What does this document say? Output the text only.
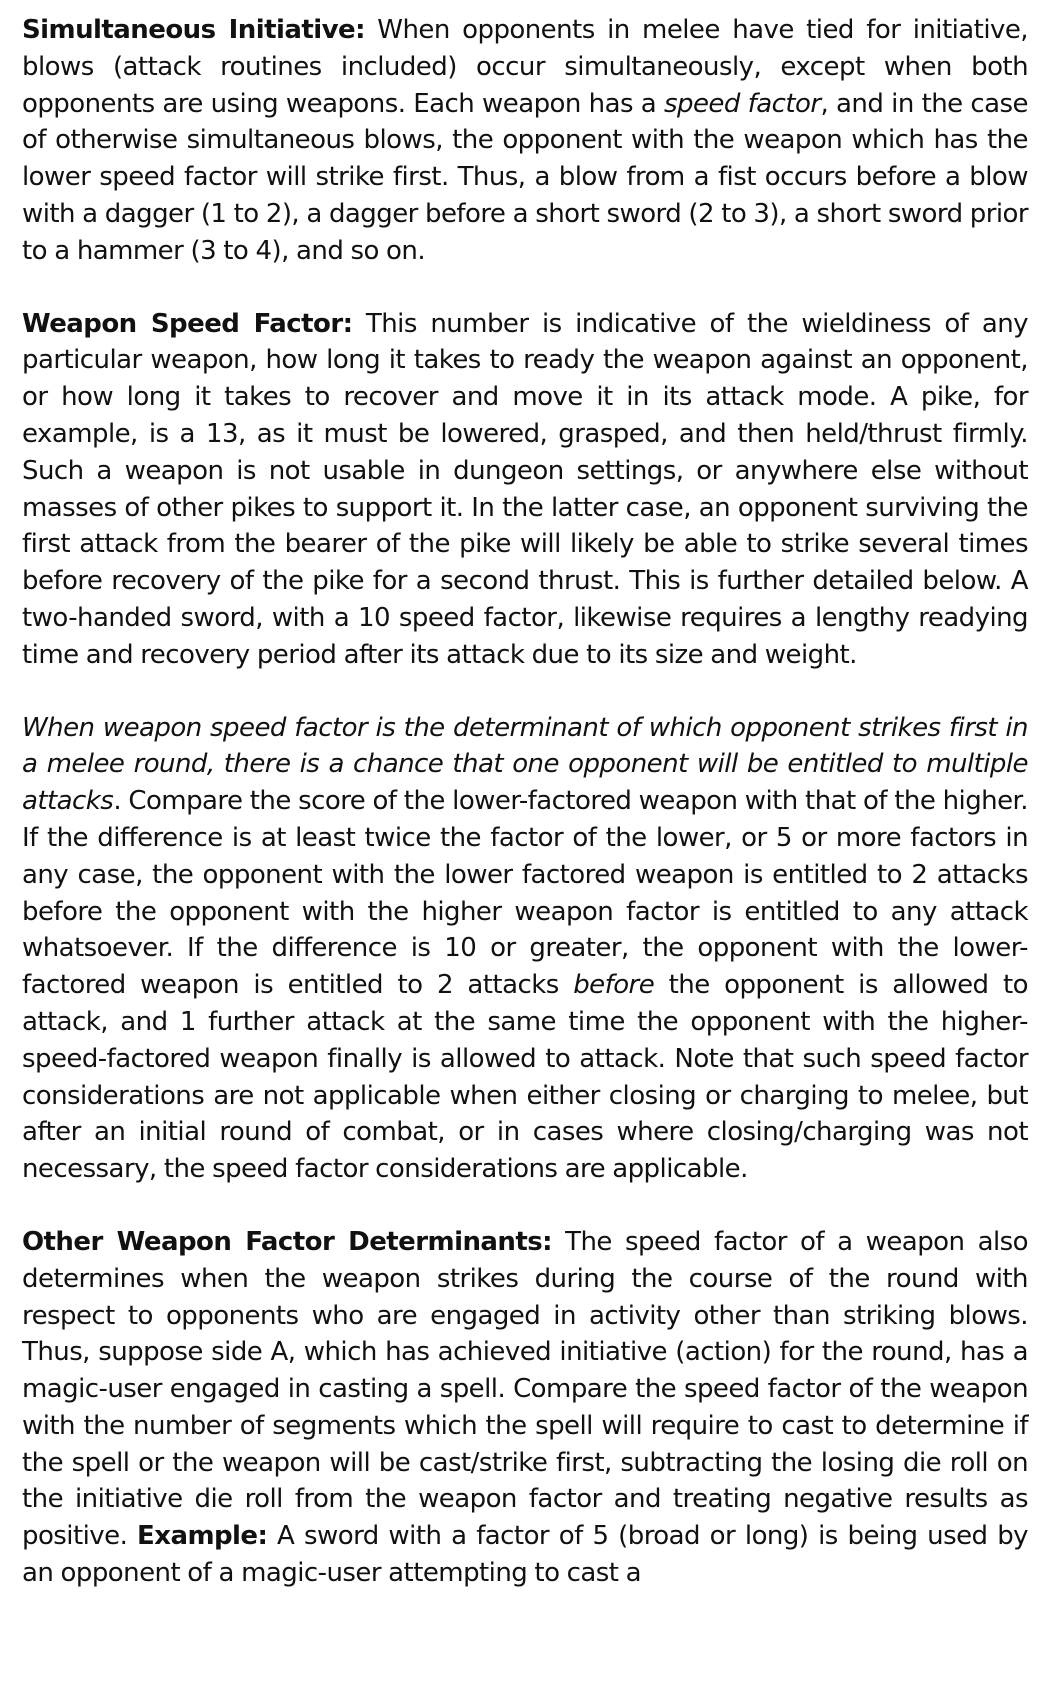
Simultaneous Initiative: When opponents in melee have tied for initiative, blows (attack routines included) occur simultaneously, except when both opponents are using weapons. Each weapon has a speed factor, and in the case of otherwise simultaneous blows, the opponent with the weapon which has the lower speed factor will strike first. Thus, a blow from a fist occurs before a blow with a dagger (1 to 2), a dagger before a short sword (2 to 3), a short sword prior to a hammer (3 to 4), and so on.

Weapon Speed Factor: This number is indicative of the wieldiness of any particular weapon, how long it takes to ready the weapon against an opponent, or how long it takes to recover and move it in its attack mode. A pike, for example, is a 13, as it must be lowered, grasped, and then held/thrust firmly. Such a weapon is not usable in dungeon settings, or anywhere else without masses of other pikes to support it. In the latter case, an opponent surviving the first attack from the bearer of the pike will likely be able to strike several times before recovery of the pike for a second thrust. This is further detailed below. A two-handed sword, with a 10 speed factor, likewise requires a lengthy readying time and recovery period after its attack due to its size and weight.

When weapon speed factor is the determinant of which opponent strikes first in a melee round, there is a chance that one opponent will be entitled to multiple attacks. Compare the score of the lower-factored weapon with that of the higher. If the difference is at least twice the factor of the lower, or 5 or more factors in any case, the opponent with the lower factored weapon is entitled to 2 attacks before the opponent with the higher weapon factor is entitled to any attack whatsoever. If the difference is 10 or greater, the opponent with the lower-factored weapon is entitled to 2 attacks before the opponent is allowed to attack, and 1 further attack at the same time the opponent with the higher-speed-factored weapon finally is allowed to attack. Note that such speed factor considerations are not applicable when either closing or charging to melee, but after an initial round of combat, or in cases where closing/charging was not necessary, the speed factor considerations are applicable.

Other Weapon Factor Determinants: The speed factor of a weapon also determines when the weapon strikes during the course of the round with respect to opponents who are engaged in activity other than striking blows. Thus, suppose side A, which has achieved initiative (action) for the round, has a magic-user engaged in casting a spell. Compare the speed factor of the weapon with the number of segments which the spell will require to cast to determine if the spell or the weapon will be cast/strike first, subtracting the losing die roll on the initiative die roll from the weapon factor and treating negative results as positive. Example: A sword with a factor of 5 (broad or long) is being used by an opponent of a magic-user attempting to cast a
